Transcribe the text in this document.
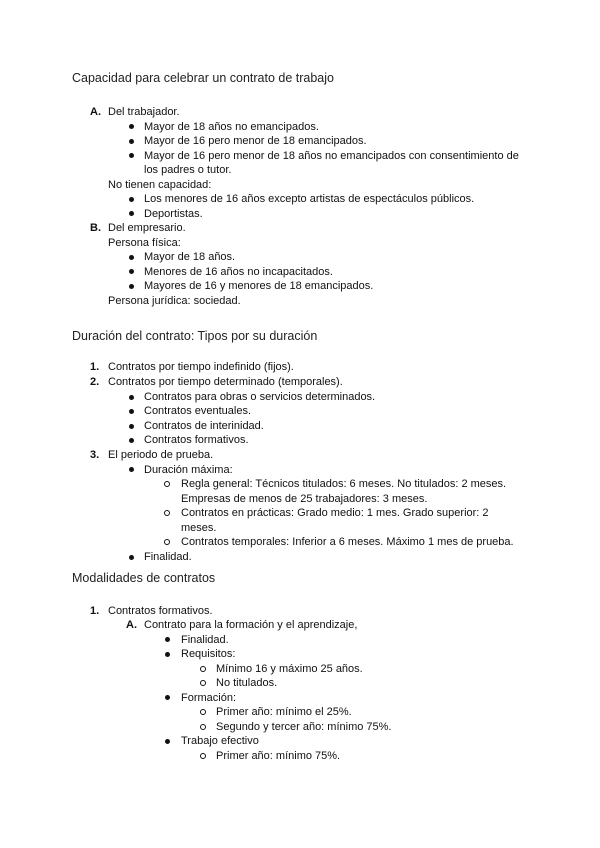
Capacidad para celebrar un contrato de trabajo
A. Del trabajador.
Mayor de 18 años no emancipados.
Mayor de 16 pero menor de 18 emancipados.
Mayor de 16 pero menor de 18 años no emancipados con consentimiento de
los padres o tutor.
No tienen capacidad:
Los menores de 16 años excepto artistas de espectáculos públicos.
Deportistas.
B. Del empresario.
Persona física:
Mayor de 18 años.
Menores de 16 años no incapacitados.
Mayores de 16 y menores de 18 emancipados.
Persona jurídica: sociedad.
Duración del contrato: Tipos por su duración
1. Contratos por tiempo indefinido (fijos).
2. Contratos por tiempo determinado (temporales).
Contratos para obras o servicios determinados.
Contratos eventuales.
Contratos de interinidad.
Contratos formativos.
3. El periodo de prueba.
Duración máxima:
Regla general: Técnicos titulados: 6 meses. No titulados: 2 meses.
Empresas de menos de 25 trabajadores: 3 meses.
Contratos en prácticas: Grado medio: 1 mes. Grado superior: 2
meses.
Contratos temporales: Inferior a 6 meses. Máximo 1 mes de prueba.
Finalidad.
Modalidades de contratos
1. Contratos formativos.
A. Contrato para la formación y el aprendizaje,
Finalidad.
Requisitos:
Mínimo 16 y máximo 25 años.
No titulados.
Formación:
Primer año: mínimo el 25%.
Segundo y tercer año: mínimo 75%.
Trabajo efectivo
Primer año: mínimo 75%.
